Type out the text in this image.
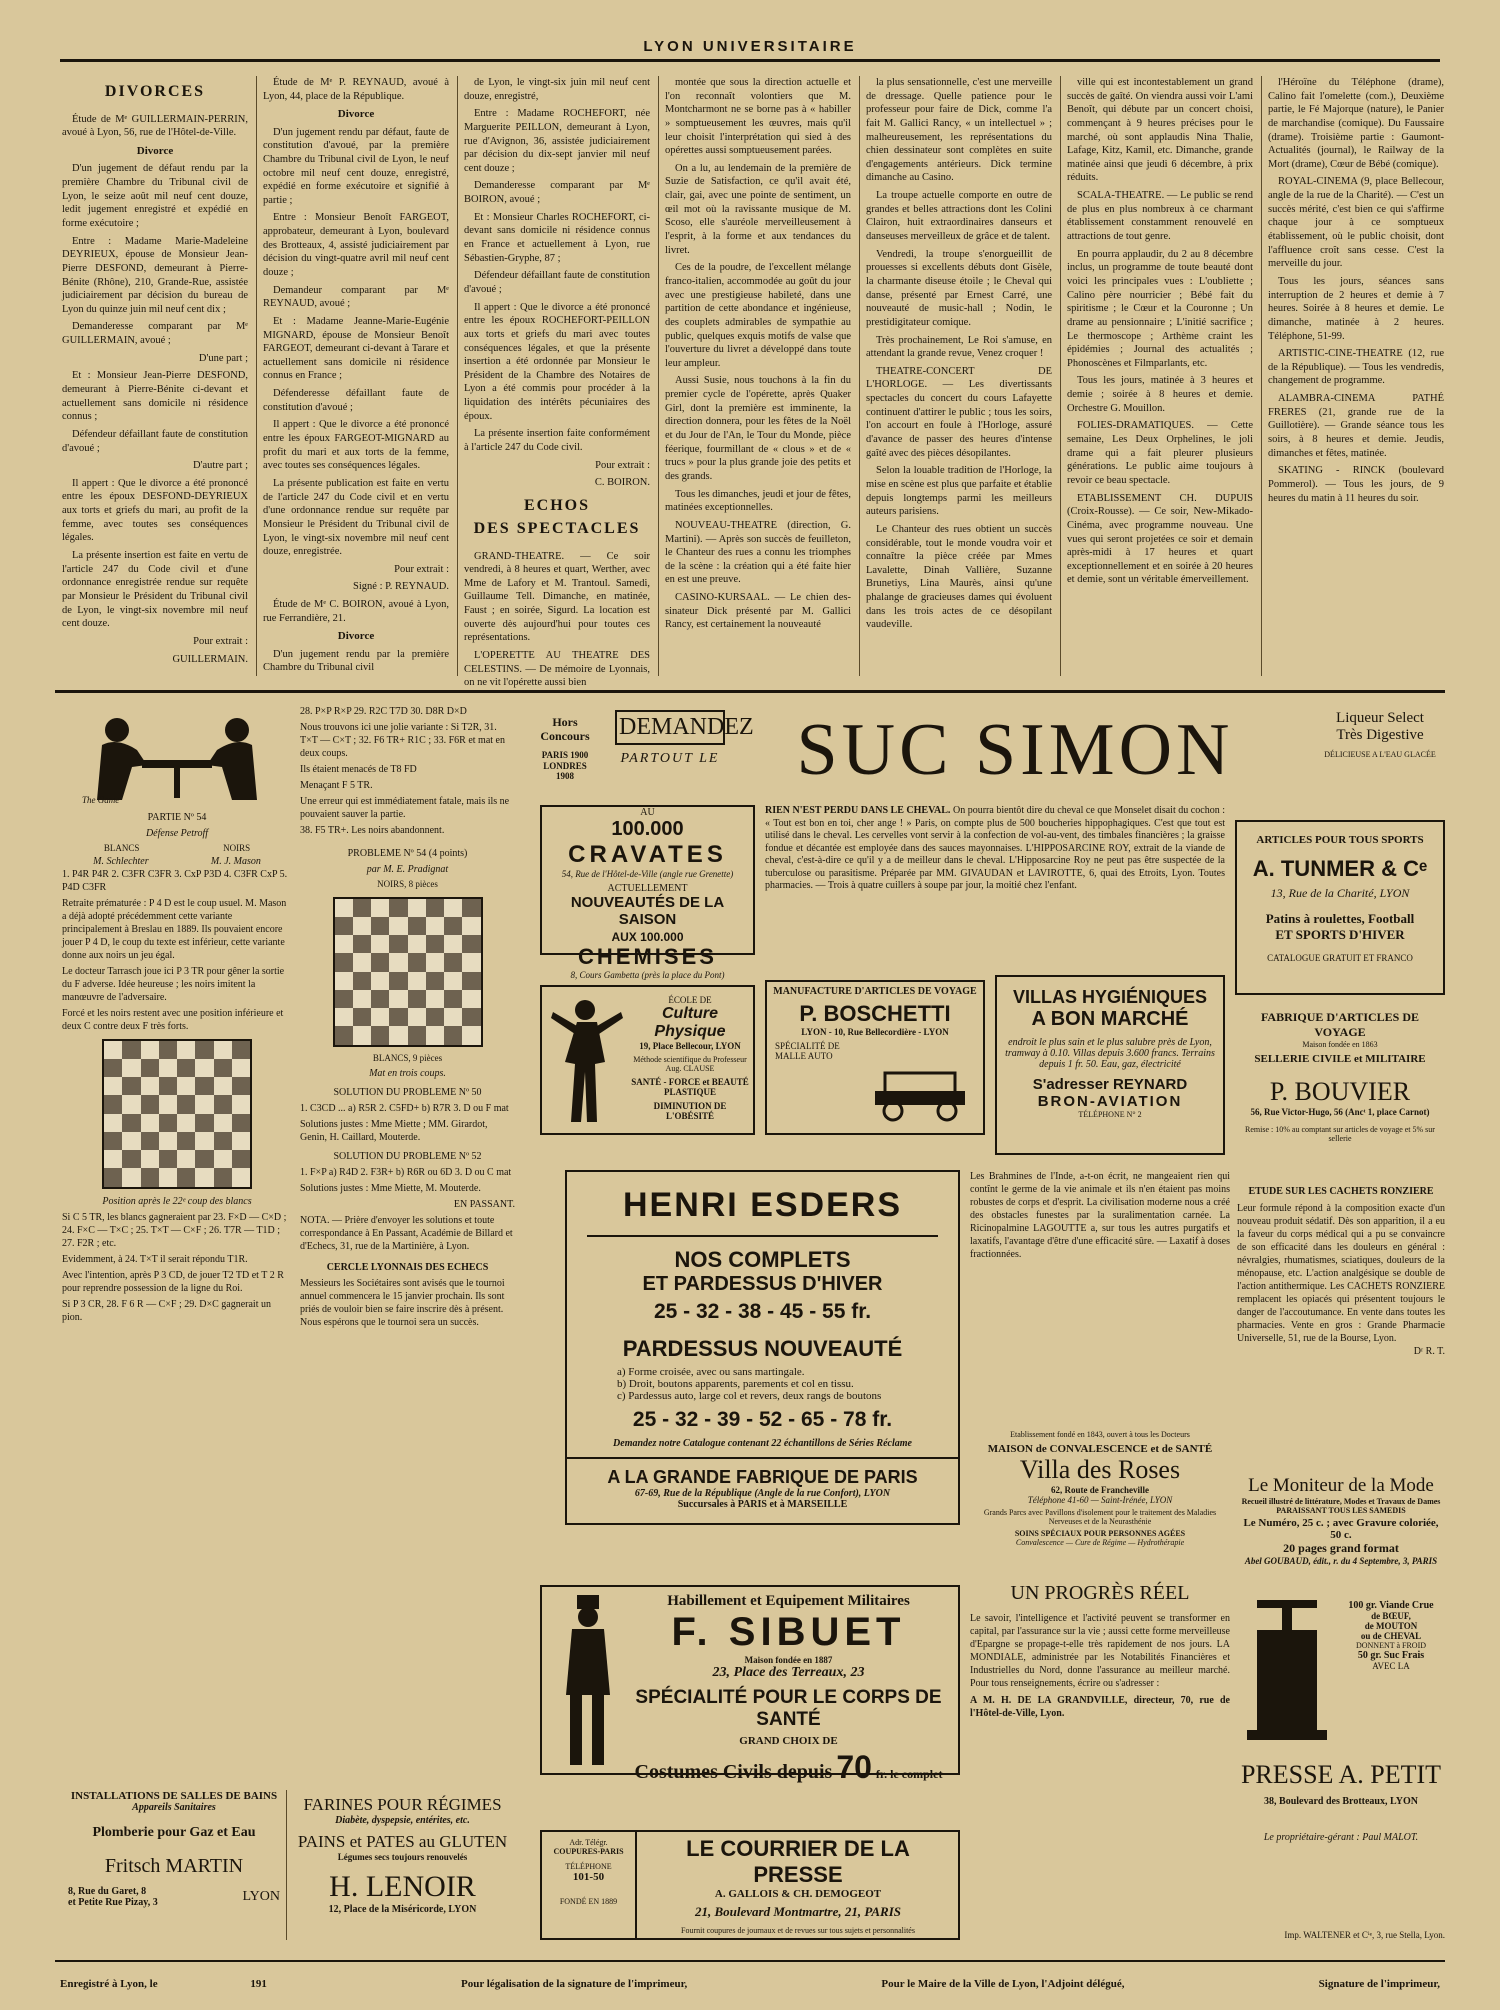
LYON UNIVERSITAIRE
DIVORCES

Étude de Mᵉ GUILLERMAIN-PERRIN, avoué à Lyon, 56, rue de l'Hôtel-de-Ville.

Divorce

D'un jugement de défaut rendu par la première Chambre du Tribunal civil de Lyon, le seize août mil neuf cent douze, ledit jugement enregistré et expédié en forme exécutoire ;

Entre : Madame Marie-Madeleine DEYRIEUX, épouse de Monsieur Jean-Pierre DESFOND, demeurant à Pierre-Bénite (Rhône), 210, Grande-Rue, assistée judiciairement par décision du bureau de Lyon du quinze juin mil neuf cent dix ;

Demanderesse comparant par Mᵉ GUILLERMAIN, avoué ;

D'une part ;

Et : Monsieur Jean-Pierre DESFOND, demeurant à Pierre-Bénite ci-devant et actuellement sans domicile ni résidence connus ;

Défendeur défaillant faute de constitution d'avoué ;

D'autre part ;

Il appert : Que le divorce a été prononcé entre les époux DESFOND-DEYRIEUX aux torts et griefs du mari, au profit de la femme, avec toutes ses conséquences légales.

La présente insertion est faite en vertu de l'article 247 du Code civil et d'une ordonnance enregistrée rendue sur requête par Monsieur le Président du Tribunal civil de Lyon, le vingt-six novembre mil neuf cent douze.

Pour extrait :

GUILLERMAIN.

Étude de Mᵉ P. REYNAUD, avoué à Lyon, 44, place de la République.

Divorce

D'un jugement rendu par défaut, faute de constitution d'avoué, par la première Chambre du Tribunal civil de Lyon, le neuf octobre mil neuf cent douze, enregistré, expédié en forme exécutoire et signifié à partie ;

Entre : Monsieur Benoît FARGEOT, approbateur, demeurant à Lyon, boulevard des Brotteaux, 4, assisté judiciairement par décision du vingt-quatre avril mil neuf cent douze ;

Demandeur comparant par Mᵉ REYNAUD, avoué ;

Et : Madame Jeanne-Marie-Eugénie MIGNARD, épouse de Monsieur Benoît FARGEOT, demeurant ci-devant à Tarare et actuellement sans domicile ni résidence connus en France ;

Défenderesse défaillant faute de constitution d'avoué ;

Il appert : Que le divorce a été prononcé entre les époux FARGEOT-MIGNARD au profit du mari et aux torts de la femme, avec toutes ses conséquences légales.

La présente publication est faite en vertu de l'article 247 du Code civil et en vertu d'une ordonnance rendue sur requête par Monsieur le Président du Tribunal civil de Lyon, le vingt-six novembre mil neuf cent douze, enregistrée.

Pour extrait :

Signé : P. REYNAUD.

Étude de Mᵉ C. BOIRON, avoué à Lyon, rue Ferrandière, 21.

Divorce

D'un jugement rendu par la première Chambre du Tribunal civil

de Lyon, le vingt-six juin mil neuf cent douze, enregistré,

Entre : Madame ROCHEFORT, née Marguerite PEILLON, demeurant à Lyon, rue d'Avignon, 36, assistée judiciairement par décision du dix-sept janvier mil neuf cent douze ;

Demanderesse comparant par Mᵉ BOIRON, avoué ;

Et : Monsieur Charles ROCHEFORT, ci-devant sans domicile ni résidence connus en France et actuellement à Lyon, rue Sébastien-Gryphe, 87 ;

Défendeur défaillant faute de constitution d'avoué ;

Il appert : Que le divorce a été prononcé entre les époux ROCHEFORT-PEILLON aux torts et griefs du mari avec toutes conséquences légales, et que la présente insertion a été ordonnée par Monsieur le Président de la Chambre des Notaires de Lyon a été commis pour procéder à la liquidation des intérêts pécuniaires des époux.

La présente insertion faite conformément à l'article 247 du Code civil.

Pour extrait :

C. BOIRON.

ECHOS
DES SPECTACLES

GRAND-THEATRE. — Ce soir vendredi, à 8 heures et quart, Werther, avec Mme de Lafory et M. Trantoul. Samedi, Guillaume Tell. Dimanche, en matinée, Faust ; en soirée, Sigurd. La location est ouverte dès aujourd'hui pour toutes ces représentations.

L'OPERETTE AU THEATRE DES CELESTINS. — De mémoire de Lyonnais, on ne vit l'opérette aussi bien

montée que sous la direction actuelle et l'on reconnaît volontiers que M. Montcharmont ne se borne pas à « habiller » somptueusement les œuvres, mais qu'il leur choisit l'interprétation qui sied à des opérettes aussi somptueusement parées.

On a lu, au lendemain de la première de Suzie de Satisfaction, ce qu'il avait été, clair, gai, avec une pointe de sentiment, un œil mot où la ravissante musique de M. Scoso, elle s'auréole merveilleusement à l'esprit, à la forme et aux tendances du livret.

Ces de la poudre, de l'excellent mélange franco-italien, accommodée au goût du jour avec une prestigieuse habileté, dans une partition de cette abondance et ingénieuse, des couplets admirables de sympathie au public, quelques exquis motifs de valse que l'ouverture du livret a développé dans toute leur ampleur.

Aussi Susie, nous touchons à la fin du premier cycle de l'opérette, après Quaker Girl, dont la première est imminente, la direction donnera, pour les fêtes de la Noël et du Jour de l'An, le Tour du Monde, pièce féerique, fourmillant de « clous » et de « trucs » pour la plus grande joie des petits et des grands.

Tous les dimanches, jeudi et jour de fêtes, matinées exceptionnelles.

NOUVEAU-THEATRE (direction, G. Martini). — Après son succès de feuilleton, le Chanteur des rues a connu les triomphes de la scène : la création qui a été faite hier en est une preuve.

CASINO-KURSAAL. — Le chien des- sinateur Dick présenté par M. Gallici Rancy, est certainement la nouveauté

la plus sensationnelle, c'est une merveille de dressage. Quelle patience pour le professeur pour faire de Dick, comme l'a fait M. Gallici Rancy, « un intellectuel » ; malheureusement, les représentations du chien dessinateur sont complètes en suite d'engagements antérieurs. Dick termine dimanche au Casino.

La troupe actuelle comporte en outre de grandes et belles attractions dont les Colini Clairon, huit extraordinaires danseurs et danseuses merveilleux de grâce et de talent.

Vendredi, la troupe s'enorgueillit de prouesses si excellents débuts dont Gisèle, la charmante diseuse étoile ; le Cheval qui danse, présenté par Ernest Carré, une nouveauté de music-hall ; Nodin, le prestidigitateur comique.

Très prochainement, Le Roi s'amuse, en attendant la grande revue, Venez croquer !

THEATRE-CONCERT DE L'HORLOGE. — Les divertissants spectacles du concert du cours Lafayette continuent d'attirer le public ; tous les soirs, l'on accourt en foule à l'Horloge, assuré d'avance de passer des heures d'intense gaîté avec des pièces désopilantes.

Selon la louable tradition de l'Horloge, la mise en scène est plus que parfaite et établie depuis longtemps parmi les meilleurs auteurs parisiens.

Le Chanteur des rues obtient un succès considérable, tout le monde voudra voir et connaître la pièce créée par Mmes Lavalette, Dinah Vallière, Suzanne Brunetiys, Lina Maurès, ainsi qu'une phalange de gracieuses dames qui évoluent dans les trois actes de ce désopilant vaudeville.

ville qui est incontestablement un grand succès de gaîté. On viendra aussi voir L'ami Benoît, qui débute par un concert choisi, commençant à 9 heures précises pour le marché, où sont applaudis Nina Thalie, Lafage, Kitz, Kamil, etc. Dimanche, grande matinée ainsi que jeudi 6 décembre, à prix réduits.

SCALA-THEATRE. — Le public se rend de plus en plus nombreux à ce charmant établissement constamment renouvelé en attractions de tout genre.

En pourra applaudir, du 2 au 8 décembre inclus, un programme de toute beauté dont voici les principales vues : L'oubliette ; Calino père nourricier ; Bébé fait du spiritisme ; le Cœur et la Couronne ; Un drame au pensionnaire ; L'initié sacrifice ; Le thermoscope ; Arthème craint les épidémies ; Journal des actualités ; Phonoscènes et Filmparlants, etc.

Tous les jours, matinée à 3 heures et demie ; soirée à 8 heures et demie. Orchestre G. Mouillon.

FOLIES-DRAMATIQUES. — Cette semaine, Les Deux Orphelines, le joli drame qui a fait pleurer plusieurs générations. Le public aime toujours à revoir ce beau spectacle.

ETABLISSEMENT CH. DUPUIS (Croix-Rousse). — Ce soir, New-Mikado-Cinéma, avec programme nouveau. Une vues qui seront projetées ce soir et demain après-midi à 17 heures et quart exceptionnellement et en soirée à 20 heures et demie, sont un véritable émerveillement.

l'Héroïne du Téléphone (drame), Calino fait l'omelette (com.), Deuxième partie, le Fé Majorque (nature), le Panier de marchandise (comique). Du Faussaire (drame). Troisième partie : Gaumont-Actualités (journal), le Railway de la Mort (drame), Cœur de Bébé (comique).

ROYAL-CINEMA (9, place Bellecour, angle de la rue de la Charité). — C'est un succès mérité, c'est bien ce qui s'affirme chaque jour à ce somptueux établissement, où le public choisit, dont l'affluence croît sans cesse. C'est la merveille du jour.

Tous les jours, séances sans interruption de 2 heures et demie à 7 heures. Soirée à 8 heures et demie. Le dimanche, matinée à 2 heures. Téléphone, 51-99.

ARTISTIC-CINE-THEATRE (12, rue de la République). — Tous les vendredis, changement de programme.

ALAMBRA-CINEMA PATHÉ FRERES (21, grande rue de la Guillotière). — Grande séance tous les soirs, à 8 heures et demie. Jeudis, dimanches et fêtes, matinée.

SKATING - RINCK (boulevard Pommerol). — Tous les jours, de 9 heures du matin à 11 heures du soir.

The Game

PARTIE Nº 54

Défense Petroff

BLANCS	NOIRS
M. Schlechter	M. J. Mason

1. P4R P4R 2. C3FR C3FR 3. CxP P3D 4. C3FR CxP 5. P4D C3FR

Retraite prématurée : P 4 D est le coup usuel. M. Mason a déjà adopté précédemment cette variante principalement à Breslau en 1889. Ils pouvaient encore jouer P 4 D, le coup du texte est inférieur, cette variante donne aux noirs un jeu égal.

Le docteur Tarrasch joue ici P 3 TR pour gêner la sortie du F adverse. Idée heureuse ; les noirs imitent la manœuvre de l'adversaire.

Forcé et les noirs restent avec une position inférieure et deux C contre deux F très forts.

Position après le 22ᵉ coup des blancs

Si C 5 TR, les blancs gagneraient par 23. F×D — C×D ; 24. F×C — T×C ; 25. T×T — C×F ; 26. T7R — T1D ; 27. F2R ; etc.

Evidemment, à 24. T×T il serait répondu T1R.

Avec l'intention, après P 3 CD, de jouer T2 TD et T 2 R pour reprendre possession de la ligne du Roi.

Si P 3 CR, 28. F 6 R — C×F ; 29. D×C gagnerait un pion.

28. P×P R×P 29. R2C T7D 30. D8R D×D

Nous trouvons ici une jolie variante : Si T2R, 31. T×T — C×T ; 32. F6 TR+ R1C ; 33. F6R et mat en deux coups.

Ils étaient menacés de T8 FD

Menaçant F 5 TR.

Une erreur qui est immédiatement fatale, mais ils ne pouvaient sauver la partie.

38. F5 TR+. Les noirs abandonnent.

PROBLEME Nº 54 (4 points)

par M. E. Pradignat

NOIRS, 8 pièces

BLANCS, 9 pièces

Mat en trois coups.

SOLUTION DU PROBLEME Nº 50

1. C3CD ... a) R5R 2. C5FD+ b) R7R 3. D ou F mat

Solutions justes : Mme Miette ; MM. Girardot, Genin, H. Caillard, Mouterde.

SOLUTION DU PROBLEME Nº 52

1. F×P a) R4D 2. F3R+ b) R6R ou 6D 3. D ou C mat

Solutions justes : Mme Miette, M. Mouterde.

EN PASSANT.

NOTA. — Prière d'envoyer les solutions et toute correspondance à En Passant, Académie de Billard et d'Echecs, 31, rue de la Martinière, à Lyon.

CERCLE LYONNAIS DES ECHECS

Messieurs les Sociétaires sont avisés que le tournoi annuel commencera le 15 janvier prochain. Ils sont priés de vouloir bien se faire inscrire dès à présent. Nous espérons que le tournoi sera un succès.

Hors Concours
PARIS 1900
LONDRES 1908
DEMANDEZ
PARTOUT LE	SUC SIMON	Liqueur Select
Très Digestive
DÉLICIEUSE A L'EAU GLACÉE
AU
100.000
CRAVATES
54, Rue de l'Hôtel-de-Ville (angle rue Grenette)
ACTUELLEMENT
NOUVEAUTÉS DE LA SAISON
AUX 100.000
CHEMISES
8, Cours Gambetta (près la place du Pont)
RIEN N'EST PERDU DANS LE CHEVAL. On pourra bientôt dire du cheval ce que Monselet disait du cochon : « Tout est bon en toi, cher ange ! » Paris, on compte plus de 500 boucheries hippophagiques. C'est que tout est utilisé dans le cheval. Les cervelles vont servir à la confection de vol-au-vent, des timbales financières ; la graisse fondue et décantée est employée dans des sauces mayonnaises. L'HIPPOSARCINE ROY, extrait de la viande de cheval, c'est-à-dire ce qu'il y a de meilleur dans le cheval. L'Hipposarcine Roy ne peut pas être suspectée de la tuberculose ou parasitisme. Préparée par MM. GIVAUDAN et LAVIROTTE, 6, quai des Etroits, Lyon. Toutes pharmacies. — Trois à quatre cuillers à soupe par jour, la moitié chez l'enfant.
ARTICLES POUR TOUS SPORTS
A. TUNMER & Cᵉ
13, Rue de la Charité, LYON
Patins à roulettes, Football
ET SPORTS D'HIVER
CATALOGUE GRATUIT ET FRANCO
ÉCOLE DE
Culture Physique
19, Place Bellecour, LYON
Méthode scientifique du Professeur Aug. CLAUSE
SANTÉ - FORCE et BEAUTÉ PLASTIQUE
DIMINUTION DE L'OBÉSITÉ
MANUFACTURE D'ARTICLES DE VOYAGE
P. BOSCHETTI
LYON - 10, Rue Bellecordière - LYON
SPÉCIALITÉ DE MALLE AUTO
VILLAS HYGIÉNIQUES
A BON MARCHÉ
endroit le plus sain et le plus salubre près de Lyon, tramway à 0.10. Villas depuis 3.600 francs. Terrains depuis 1 fr. 50. Eau, gaz, électricité
S'adresser REYNARD
BRON-AVIATION
TÉLÉPHONE N° 2
FABRIQUE D'ARTICLES DE VOYAGE
Maison fondée en 1863
SELLERIE CIVILE et MILITAIRE
P. BOUVIER
56, Rue Victor-Hugo, 56 (Ancᵗ 1, place Carnot)
Remise : 10% au comptant sur articles de voyage et 5% sur sellerie
HENRI ESDERS
NOS COMPLETS
ET PARDESSUS D'HIVER
25 - 32 - 38 - 45 - 55 fr.
PARDESSUS NOUVEAUTÉ
a) Forme croisée, avec ou sans martingale.
b) Droit, boutons apparents, parements et col en tissu.
c) Pardessus auto, large col et revers, deux rangs de boutons
25 - 32 - 39 - 52 - 65 - 78 fr.
Demandez notre Catalogue contenant 22 échantillons de Séries Réclame
A LA GRANDE FABRIQUE DE PARIS
67-69, Rue de la République (Angle de la rue Confort), LYON
Succursales à PARIS et à MARSEILLE
Les Brahmines de l'Inde, a-t-on écrit, ne mangeaient rien qui contînt le germe de la vie animale et ils n'en étaient pas moins robustes de corps et d'esprit. La civilisation moderne nous a créé des obstacles funestes par la suralimentation carnée. La Ricinopalmine LAGOUTTE a, sur tous les autres purgatifs et laxatifs, l'avantage d'être d'une efficacité sûre. — Laxatif à doses fractionnées.
ETUDE SUR LES CACHETS RONZIERE
Leur formule répond à la composition exacte d'un nouveau produit sédatif. Dès son apparition, il a eu la faveur du corps médical qui a pu se convaincre de son efficacité dans les douleurs en général : névralgies, rhumatismes, sciatiques, douleurs de la ménopause, etc. L'action analgésique se double de l'action antithermique. Les CACHETS RONZIERE remplacent les opiacés qui présentent toujours le danger de l'accoutumance. En vente dans toutes les pharmacies. Vente en gros : Grande Pharmacie Universelle, 51, rue de la Bourse, Lyon.
Dʳ R. T.
Etablissement fondé en 1843, ouvert à tous les Docteurs
MAISON de CONVALESCENCE et de SANTÉ
Villa des Roses
62, Route de Francheville
Téléphone 41-60 — Saint-Irénée, LYON
Grands Parcs avec Pavillons d'isolement pour le traitement des Maladies Nerveuses et de la Neurasthénie
SOINS SPÉCIAUX POUR PERSONNES AGÉES
Convalescence — Cure de Régime — Hydrothérapie
Habillement et Equipement Militaires
F. SIBUET
Maison fondée en 1887
23, Place des Terreaux, 23
SPÉCIALITÉ POUR LE CORPS DE SANTÉ
GRAND CHOIX DE
Costumes Civils depuis 70 fr. le complet
UN PROGRÈS RÉEL
Le savoir, l'intelligence et l'activité peuvent se transformer en capital, par l'assurance sur la vie ; aussi cette forme merveilleuse d'Epargne se propage-t-elle très rapidement de nos jours. LA MONDIALE, administrée par les Notabilités Financières et Industrielles du Nord, donne l'assurance au meilleur marché. Pour tous renseignements, écrire ou s'adresser :
A M. H. DE LA GRANDVILLE, directeur, 70, rue de l'Hôtel-de-Ville, Lyon.
Le Moniteur de la Mode
Recueil illustré de littérature, Modes et Travaux de Dames
PARAISSANT TOUS LES SAMEDIS
Le Numéro, 25 c. ; avec Gravure coloriée, 50 c.
20 pages grand format
Abel GOUBAUD, édit., r. du 4 Septembre, 3, PARIS
100 gr. Viande Crue
de BŒUF,
de MOUTON
ou de CHEVAL
DONNENT à FROID
50 gr. Suc Frais
AVEC LA
PRESSE A. PETIT
38, Boulevard des Brotteaux, LYON
Le propriétaire-gérant : Paul MALOT.
Imp. WALTENER et Cⁱᵉ, 3, rue Stella, Lyon.
INSTALLATIONS DE SALLES DE BAINS
Appareils Sanitaires
Plomberie pour Gaz et Eau
Fritsch MARTIN
8, Rue du Garet, 8
et Petite Rue Pizay, 3	LYON
FARINES POUR RÉGIMES
Diabète, dyspepsie, entérites, etc.
PAINS et PATES au GLUTEN
Légumes secs toujours renouvelés
H. LENOIR
12, Place de la Miséricorde, LYON
Adr. Télégr.
COUPURES-PARIS
TÉLÉPHONE
101-50
FONDÉ EN 1889
LE COURRIER DE LA PRESSE
A. GALLOIS & CH. DEMOGEOT
21, Boulevard Montmartre, 21, PARIS
Fournit coupures de journaux et de revues sur tous sujets et personnalités
Enregistré à Lyon, le	191	Pour légalisation de la signature de l'imprimeur,	Pour le Maire de la Ville de Lyon, l'Adjoint délégué,	Signature de l'imprimeur,
